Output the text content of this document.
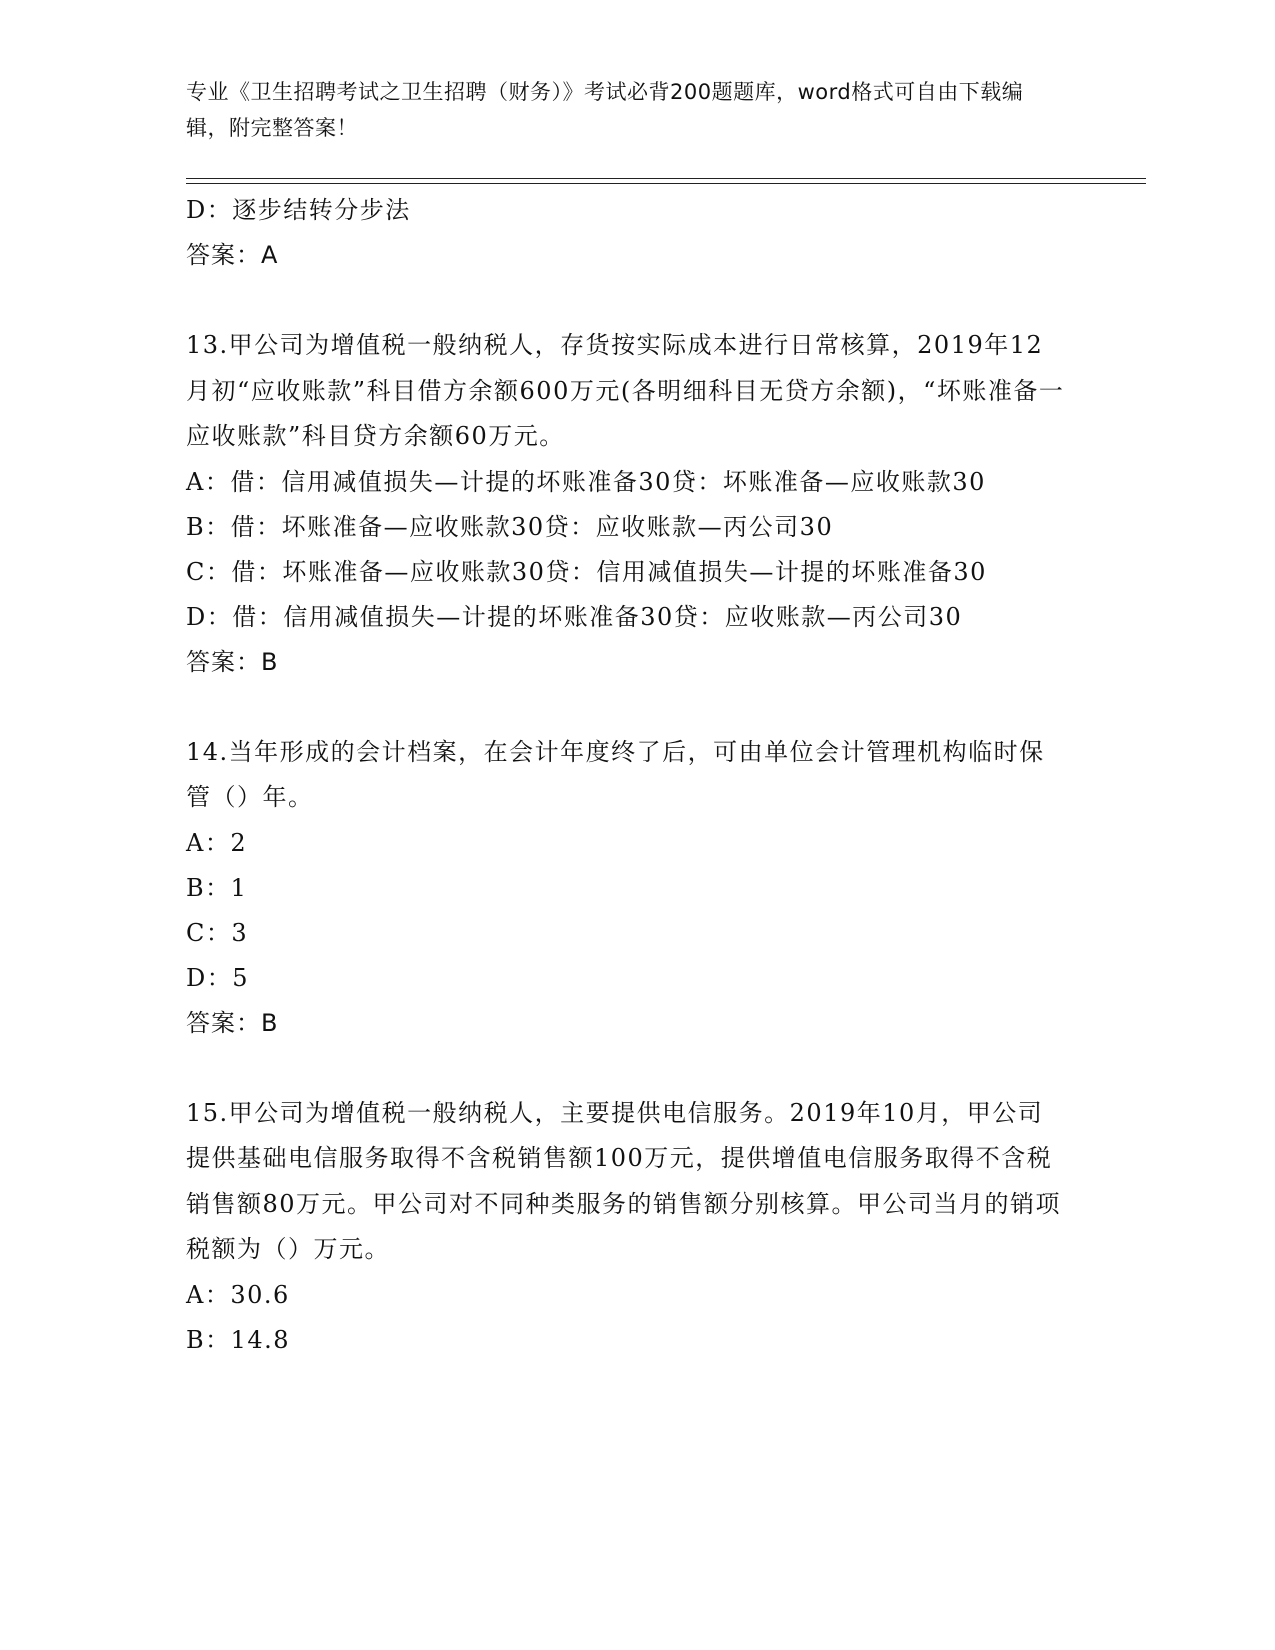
专业《卫生招聘考试之卫生招聘（财务）》考试必背200题题库，word格式可自由下载编辑，附完整答案！

D：逐步结转分步法

答案：A

13.甲公司为增值税一般纳税人，存货按实际成本进行日常核算，2019年12月初“应收账款”科目借方余额600万元(各明细科目无贷方余额)，“坏账准备一应收账款”科目贷方余额60万元。

A：借：信用减值损失—计提的坏账准备30贷：坏账准备—应收账款30

B：借：坏账准备—应收账款30贷：应收账款—丙公司30

C：借：坏账准备—应收账款30贷：信用减值损失—计提的坏账准备30

D：借：信用减值损失—计提的坏账准备30贷：应收账款—丙公司30

答案：B

14.当年形成的会计档案，在会计年度终了后，可由单位会计管理机构临时保管（）年。

A：2

B：1

C：3

D：5

答案：B

15.甲公司为增值税一般纳税人，主要提供电信服务。2019年10月，甲公司提供基础电信服务取得不含税销售额100万元，提供增值电信服务取得不含税销售额80万元。甲公司对不同种类服务的销售额分别核算。甲公司当月的销项税额为（）万元。

A：30.6

B：14.8
